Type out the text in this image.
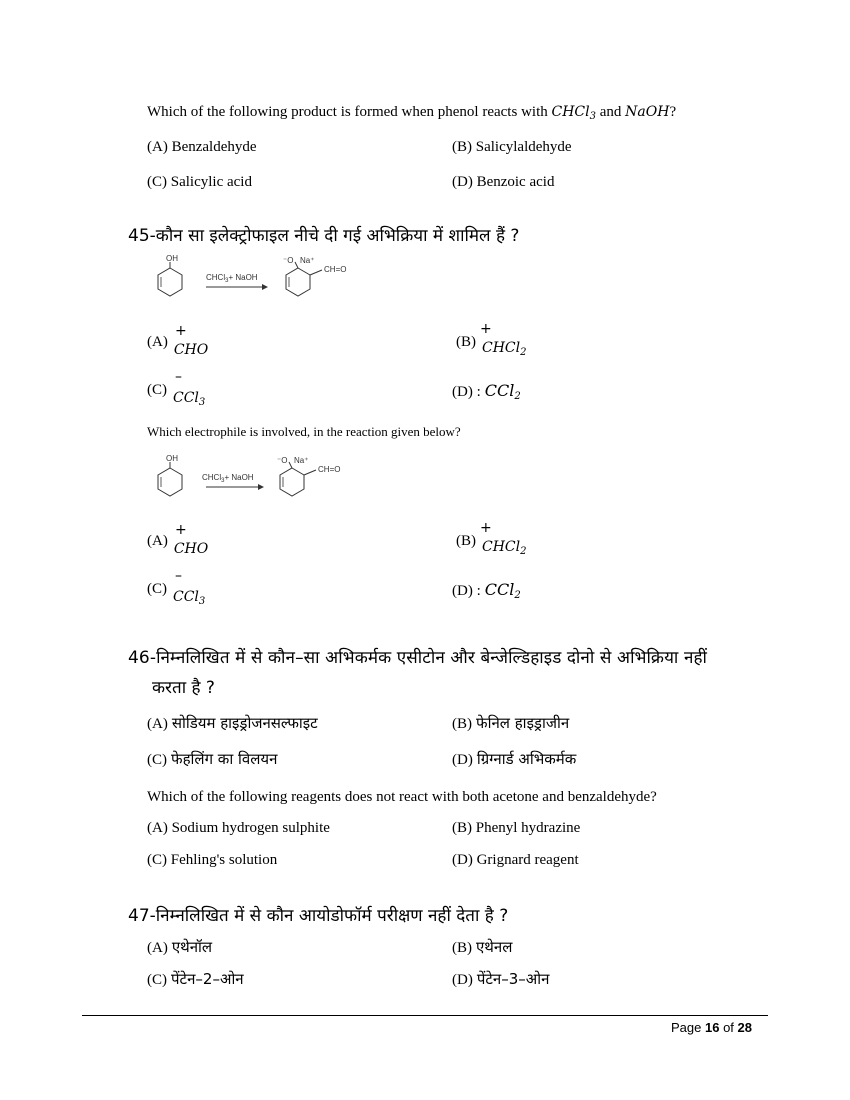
Which of the following product is formed when phenol reacts with CHCl$_3$ and NaOH?
(A) Benzaldehyde	(B) Salicylaldehyde
(C) Salicylic acid	(D) Benzoic acid
45-कौन सा इलेक्ट्रोफाइल नीचे दी गई अभिक्रिया में शामिल हैं ?
OH
CHCl$_3$+ NaOH
⁻O Na⁺
CH=O
(A)
+
CHO	(B)
+
CHCl$_2$
(C)
–
CCl$_3$
(D) : CCl2
Which electrophile is involved, in the reaction given below?
OH
CHCl$_3$+ NaOH
⁻O Na⁺
CH=O
(A)
+
CHO	(B)
+
CHCl$_2$
(C)
–
CCl$_3$
(D) : CCl2
46-निम्नलिखित में से कौन–सा अभिकर्मक एसीटोन और बेन्जेल्डिहाइड दोनो से अभिक्रिया नहीं
करता है ?
(A) सोडियम हाइड्रोजनसल्फाइट	(B) फेनिल हाइड्राजीन
(C) फेहलिंग का विलयन	(D) ग्रिग्नार्ड अभिकर्मक
Which of the following reagents does not react with both acetone and benzaldehyde?
(A) Sodium hydrogen sulphite	(B) Phenyl hydrazine
(C) Fehling's solution	(D) Grignard reagent
47-निम्नलिखित में से कौन आयोडोफॉर्म परीक्षण नहीं देता है ?
(A) एथेनॉल	(B) एथेनल
(C) पेंटेन–2–ओन	(D) पेंटेन–3–ओन
Page 16 of 28
